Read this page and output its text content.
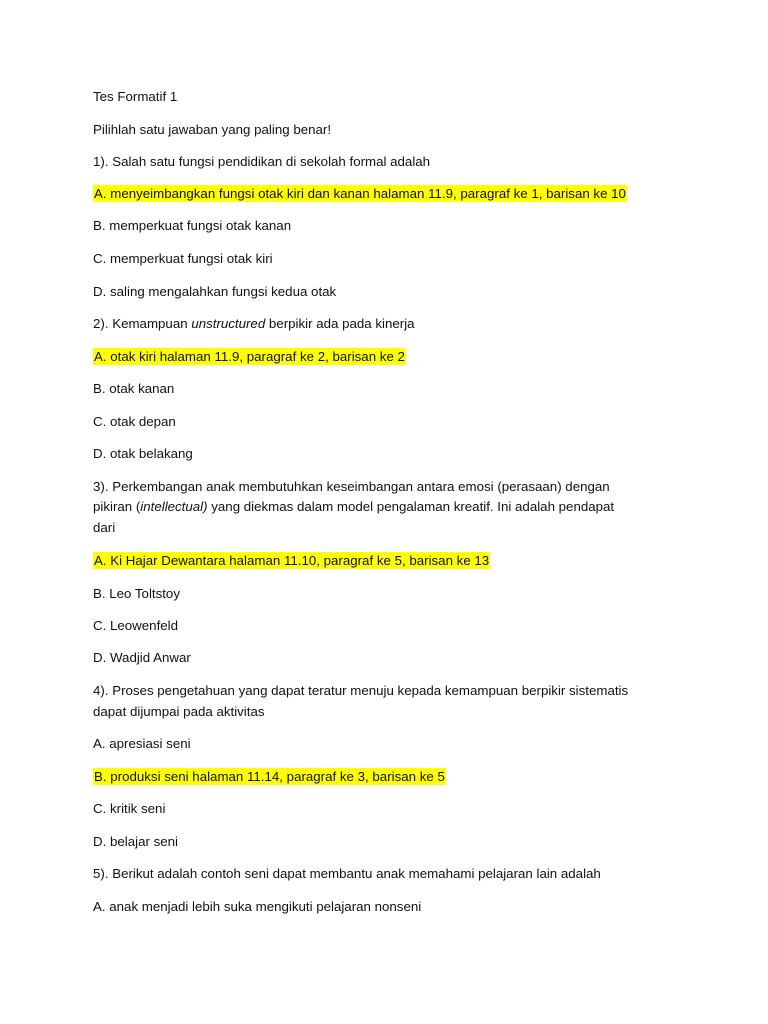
Tes Formatif 1
Pilihlah satu jawaban yang paling benar!
1). Salah satu fungsi pendidikan di sekolah formal adalah
A. menyeimbangkan fungsi otak kiri dan kanan halaman 11.9, paragraf ke 1, barisan ke 10
B. memperkuat fungsi otak kanan
C. memperkuat fungsi otak kiri
D. saling mengalahkan fungsi kedua otak
2). Kemampuan unstructured berpikir ada pada kinerja
A. otak kiri halaman 11.9, paragraf ke 2, barisan ke 2
B. otak kanan
C. otak depan
D. otak belakang
3). Perkembangan anak membutuhkan keseimbangan antara emosi (perasaan) dengan
pikiran (intellectual) yang diekmas dalam model pengalaman kreatif. Ini adalah pendapat
dari
A. Ki Hajar Dewantara halaman 11.10, paragraf ke 5, barisan ke 13
B. Leo Toltstoy
C. Leowenfeld
D. Wadjid Anwar
4). Proses pengetahuan yang dapat teratur menuju kepada kemampuan berpikir sistematis
dapat dijumpai pada aktivitas
A. apresiasi seni
B. produksi seni halaman 11.14, paragraf ke 3, barisan ke 5
C. kritik seni
D. belajar seni
5). Berikut adalah contoh seni dapat membantu anak memahami pelajaran lain adalah
A. anak menjadi lebih suka mengikuti pelajaran nonseni
